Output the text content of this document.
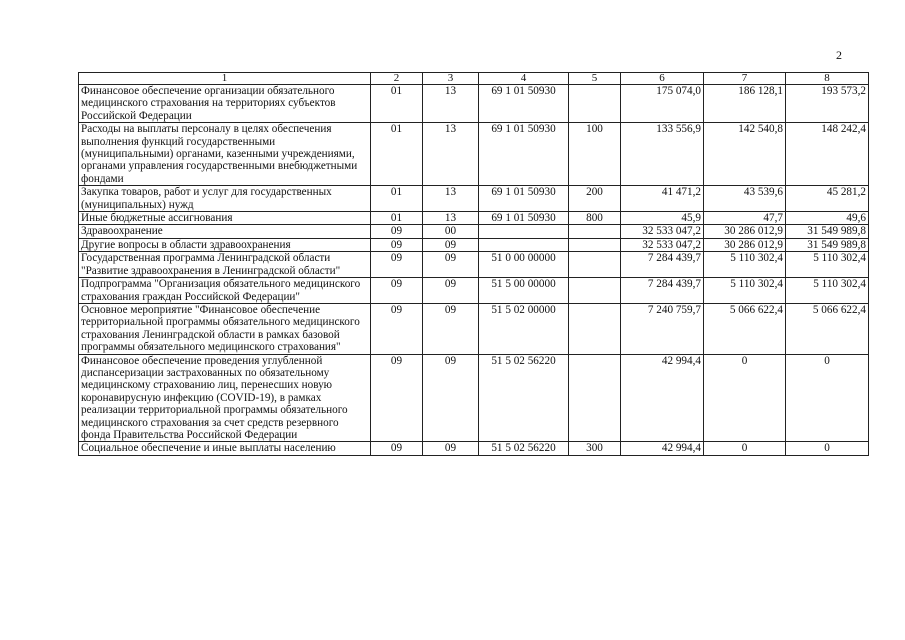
2
1	2	3	4	5	6	7	8
Финансовое обеспечение организации обязательного медицинского страхования на территориях субъектов Российской Федерации	01	13	69 1 01 50930		175 074,0	186 128,1	193 573,2
Расходы на выплаты персоналу в целях обеспечения выполнения функций государственными (муниципальными) органами, казенными учреждениями, органами управления государственными внебюджетными фондами	01	13	69 1 01 50930	100	133 556,9	142 540,8	148 242,4
Закупка товаров, работ и услуг для государственных (муниципальных) нужд	01	13	69 1 01 50930	200	41 471,2	43 539,6	45 281,2
Иные бюджетные ассигнования	01	13	69 1 01 50930	800	45,9	47,7	49,6
Здравоохранение	09	00			32 533 047,2	30 286 012,9	31 549 989,8
Другие вопросы в области здравоохранения	09	09			32 533 047,2	30 286 012,9	31 549 989,8
Государственная программа Ленинградской области "Развитие здравоохранения в Ленинградской области"	09	09	51 0 00 00000		7 284 439,7	5 110 302,4	5 110 302,4
Подпрограмма "Организация обязательного медицинского страхования граждан Российской Федерации"	09	09	51 5 00 00000		7 284 439,7	5 110 302,4	5 110 302,4
Основное мероприятие "Финансовое обеспечение территориальной программы обязательного медицинского страхования Ленинградской области в рамках базовой программы обязательного медицинского страхования"	09	09	51 5 02 00000		7 240 759,7	5 066 622,4	5 066 622,4
Финансовое обеспечение проведения углубленной диспансеризации застрахованных по обязательному медицинскому страхованию лиц, перенесших новую коронавирусную инфекцию (COVID-19), в рамках реализации территориальной программы обязательного медицинского страхования за счет средств резервного фонда Правительства Российской Федерации	09	09	51 5 02 56220		42 994,4	0	0
Социальное обеспечение и иные выплаты населению	09	09	51 5 02 56220	300	42 994,4	0	0
